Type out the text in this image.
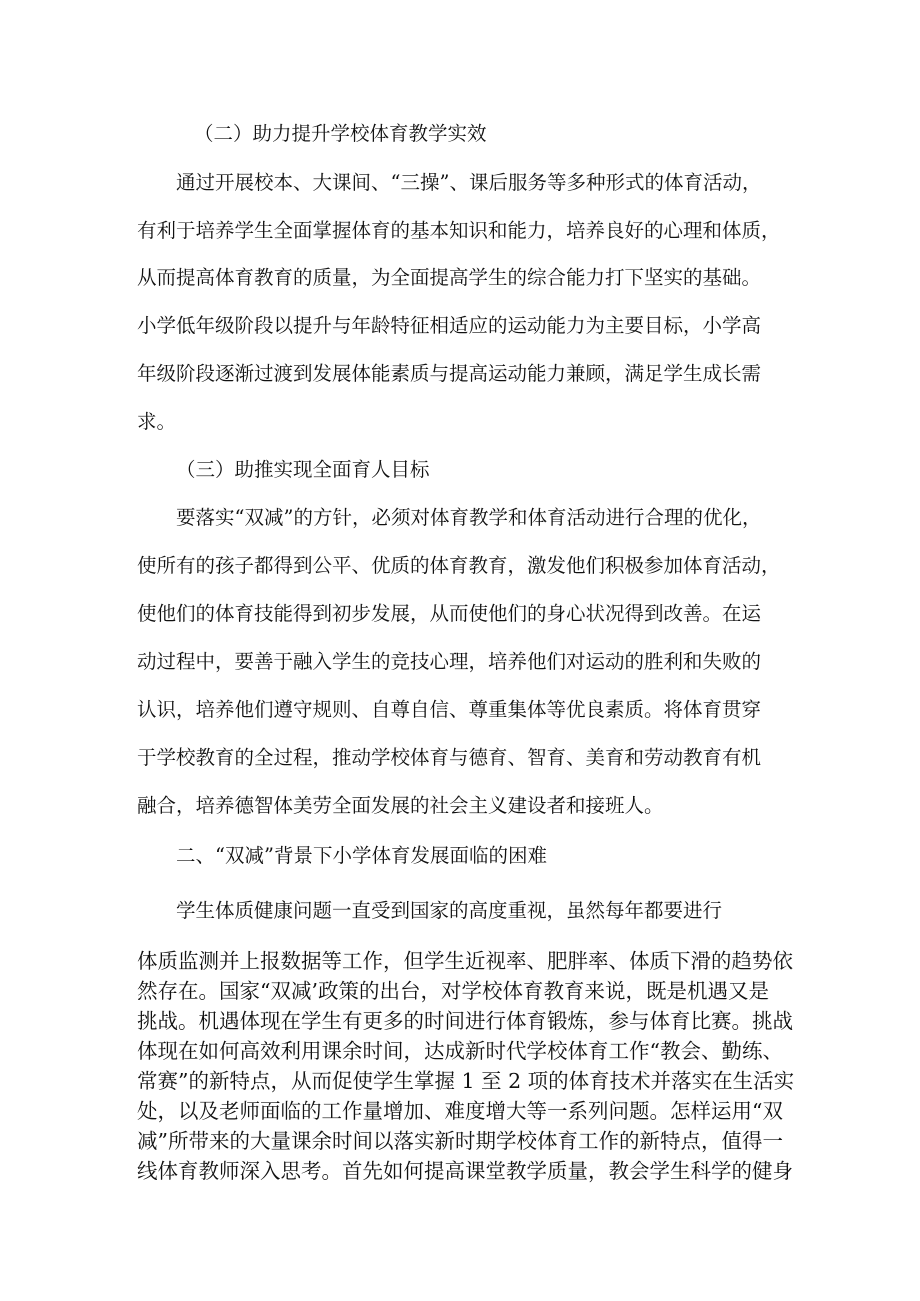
（二）助力提升学校体育教学实效
通过开展校本、大课间、“三操”、课后服务等多种形式的体育活动，
有利于培养学生全面掌握体育的基本知识和能力，培养良好的心理和体质，
从而提高体育教育的质量，为全面提高学生的综合能力打下坚实的基础。
小学低年级阶段以提升与年龄特征相适应的运动能力为主要目标，小学高
年级阶段逐渐过渡到发展体能素质与提高运动能力兼顾，满足学生成长需
求。
（三）助推实现全面育人目标
要落实“双减”的方针，必须对体育教学和体育活动进行合理的优化，
使所有的孩子都得到公平、优质的体育教育，激发他们积极参加体育活动，
使他们的体育技能得到初步发展，从而使他们的身心状况得到改善。在运
动过程中，要善于融入学生的竞技心理，培养他们对运动的胜利和失败的
认识，培养他们遵守规则、自尊自信、尊重集体等优良素质。将体育贯穿
于学校教育的全过程，推动学校体育与德育、智育、美育和劳动教育有机
融合，培养德智体美劳全面发展的社会主义建设者和接班人。
二、“双减”背景下小学体育发展面临的困难
学生体质健康问题一直受到国家的高度重视，虽然每年都要进行
体质监测并上报数据等工作，但学生近视率、肥胖率、体质下滑的趋势依
然存在。国家“双减’政策的出台，对学校体育教育来说，既是机遇又是
挑战。机遇体现在学生有更多的时间进行体育锻炼，参与体育比赛。挑战
体现在如何高效利用课余时间，达成新时代学校体育工作“教会、勤练、
常赛”的新特点，从而促使学生掌握 1 至 2 项的体育技术并落实在生活实
处，以及老师面临的工作量增加、难度增大等一系列问题。怎样运用“双
减”所带来的大量课余时间以落实新时期学校体育工作的新特点，值得一
线体育教师深入思考。首先如何提高课堂教学质量，教会学生科学的健身
